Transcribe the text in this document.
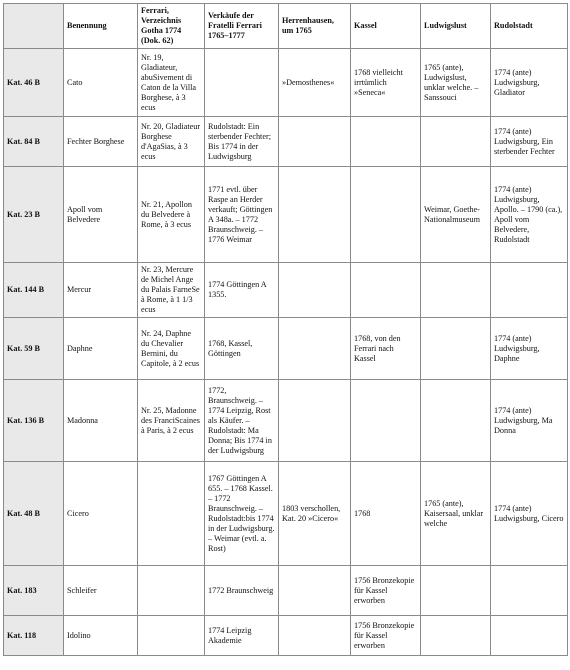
	Benennung	Ferrari, Verzeichnis Gotha 1774 (Dok. 62)	Verkäufe der Fratelli Ferrari 1765–1777	Herrenhausen, um 1765	Kassel	Ludwigslust	Rudolstadt
Kat. 46 B	Cato	Nr. 19, Gladiateur, abuSivement di Caton de la Villa Borghese, à 3 ecus		»Demosthenes«	1768 vielleicht irrtümlich »Seneca«	1765 (ante), Ludwigslust, unklar welche. – Sanssouci	1774 (ante) Ludwigsburg, Gladiator
Kat. 84 B	Fechter Borghese	Nr. 20, Gladiateur Borghese d'AgaSias, à 3 ecus	Rudolstadt: Ein sterbender Fechter; Bis 1774 in der Ludwigsburg				1774 (ante) Ludwigsburg, Ein sterbender Fechter
Kat. 23 B	Apoll vom Belvedere	Nr. 21, Apollon du Belvedere à Rome, à 3 ecus	1771 evtl. über Raspe an Herder verkauft; Göttingen A 348a. – 1772 Braunschweig. – 1776 Weimar			Weimar, Goethe-Nationalmuseum	1774 (ante) Ludwigsburg, Apollo. – 1790 (ca.), Apoll vom Belvedere, Rudolstadt
Kat. 144 B	Mercur	Nr. 23, Mercure de Michel Ange du Palais FarneSe à Rome, à 1 1/3 ecus	1774 Göttingen A 1355.				
Kat. 59 B	Daphne	Nr. 24, Daphne du Chevalier Bernini, du Capitole, à 2 ecus	1768, Kassel, Göttingen		1768, von den Ferrari nach Kassel		1774 (ante) Ludwigsburg, Daphne
Kat. 136 B	Madonna	Nr. 25, Madonne des FranciScaines à Paris, à 2 ecus	1772, Braunschweig. – 1774 Leipzig, Rost als Käufer. – Rudolstadt: Ma Donna; Bis 1774 in der Ludwigsburg				1774 (ante) Ludwigsburg, Ma Donna
Kat. 48 B	Cicero		1767 Göttingen A 655. – 1768 Kassel. – 1772 Braunschweig. – Rudolstadt:bis 1774 in der Ludwigsburg. – Weimar (evtl. a. Rost)	1803 verschollen, Kat. 20 »Cicero«	1768	1765 (ante), Kaisersaal, unklar welche	1774 (ante) Ludwigsburg, Cicero
Kat. 183	Schleifer		1772 Braunschweig		1756 Bronzekopie für Kassel erworben		
Kat. 118	Idolino		1774 Leipzig Akademie		1756 Bronzekopie für Kassel erworben		
